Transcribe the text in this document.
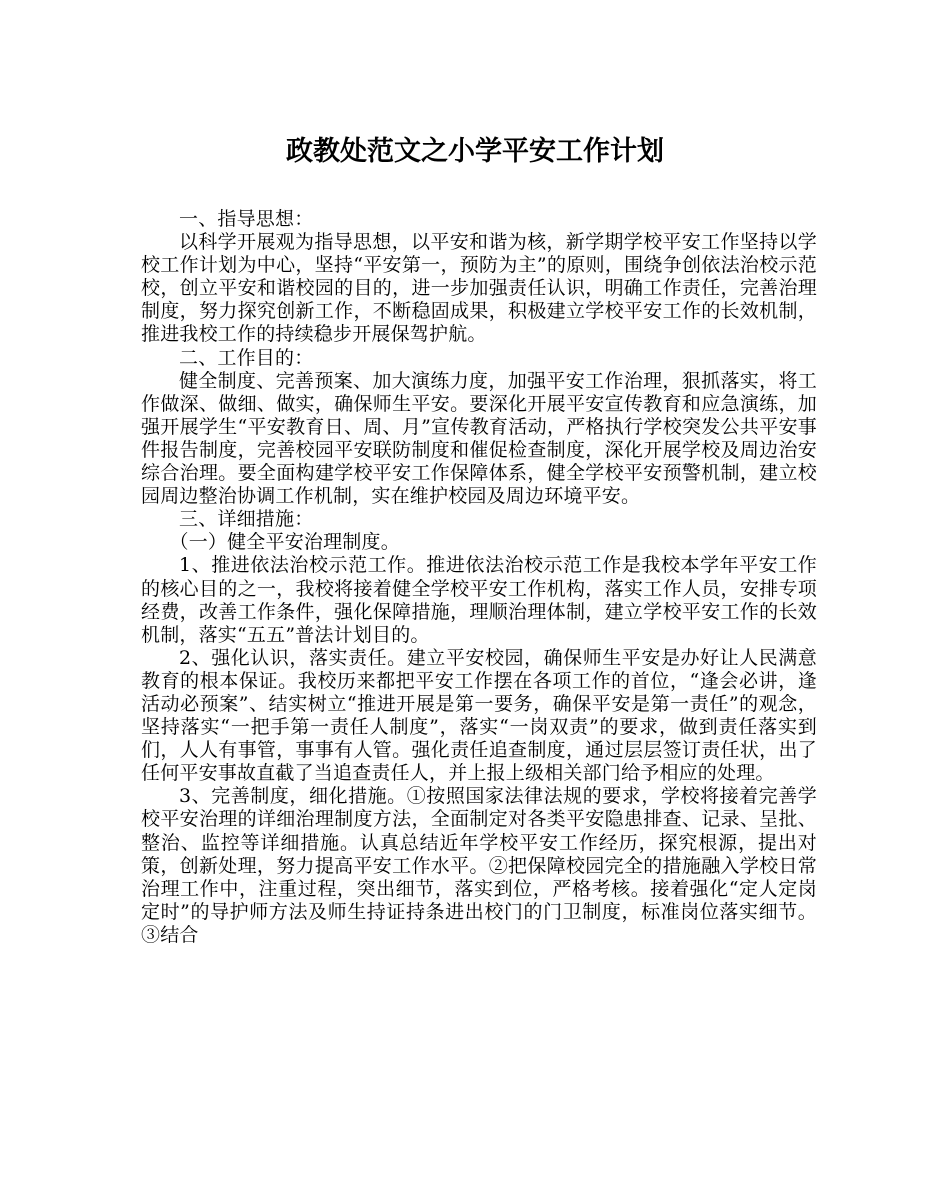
政教处范文之小学平安工作计划

一、指导思想：

以科学开展观为指导思想，以平安和谐为核，新学期学校平安工作坚持以学校工作计划为中心，坚持“平安第一，预防为主”的原则，围绕争创依法治校示范校，创立平安和谐校园的目的，进一步加强责任认识，明确工作责任，完善治理制度，努力探究创新工作，不断稳固成果，积极建立学校平安工作的长效机制，推进我校工作的持续稳步开展保驾护航。

二、工作目的：

健全制度、完善预案、加大演练力度，加强平安工作治理，狠抓落实，将工作做深、做细、做实，确保师生平安。要深化开展平安宣传教育和应急演练，加强开展学生“平安教育日、周、月”宣传教育活动，严格执行学校突发公共平安事件报告制度，完善校园平安联防制度和催促检查制度，深化开展学校及周边治安综合治理。要全面构建学校平安工作保障体系，健全学校平安预警机制，建立校园周边整治协调工作机制，实在维护校园及周边环境平安。

三、详细措施：

（一）健全平安治理制度。

1、推进依法治校示范工作。推进依法治校示范工作是我校本学年平安工作的核心目的之一，我校将接着健全学校平安工作机构，落实工作人员，安排专项经费，改善工作条件，强化保障措施，理顺治理体制，建立学校平安工作的长效机制，落实“五五”普法计划目的。

2、强化认识，落实责任。建立平安校园，确保师生平安是办好让人民满意教育的根本保证。我校历来都把平安工作摆在各项工作的首位，“逢会必讲，逢活动必预案”、结实树立“推进开展是第一要务，确保平安是第一责任”的观念，坚持落实“一把手第一责任人制度”，落实“一岗双责”的要求，做到责任落实到们，人人有事管，事事有人管。强化责任追查制度，通过层层签订责任状，出了任何平安事故直截了当追查责任人，并上报上级相关部门给予相应的处理。

3、完善制度，细化措施。①按照国家法律法规的要求，学校将接着完善学校平安治理的详细治理制度方法，全面制定对各类平安隐患排查、记录、呈批、整治、监控等详细措施。认真总结近年学校平安工作经历，探究根源，提出对策，创新处理，努力提高平安工作水平。②把保障校园完全的措施融入学校日常治理工作中，注重过程，突出细节，落实到位，严格考核。接着强化“定人定岗定时”的导护师方法及师生持证持条进出校门的门卫制度，标准岗位落实细节。③结合
